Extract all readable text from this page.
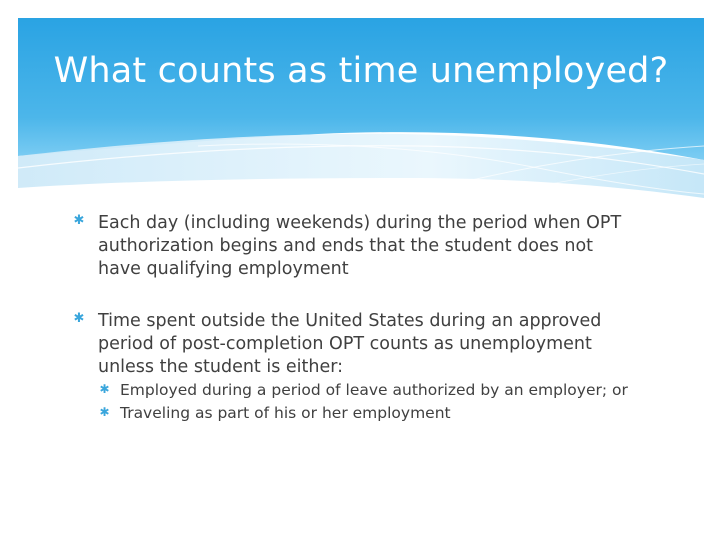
What counts as time unemployed?
✱ Each day (including weekends) during the period when OPT authorization begins and ends that the student does not have qualifying employment
✱ Time spent outside the United States during an approved period of post-completion OPT counts as unemployment unless the student is either:
✱ Employed during a period of leave authorized by an employer; or
✱ Traveling as part of his or her employment
